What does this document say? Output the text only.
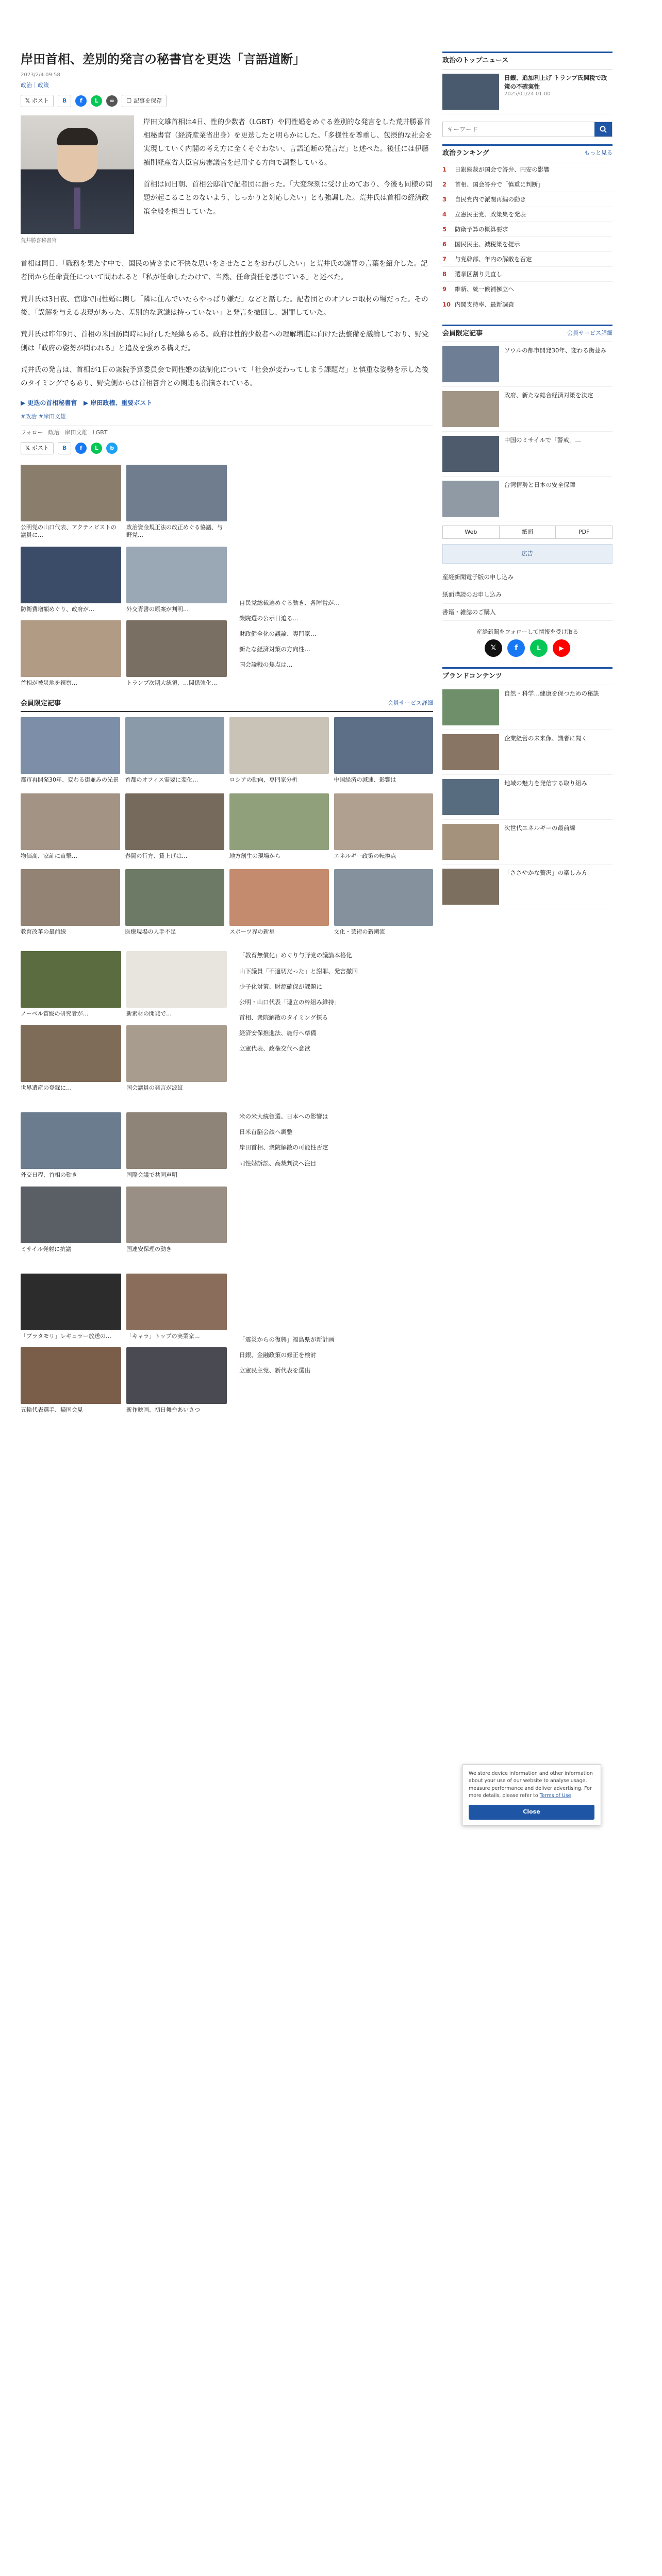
岸田首相、差別的発言の秘書官を更迭「言語道断」
2023/2/4 09:58
政治｜政策
𝕏 ポスト B	f	L	∞	☐ 記事を保存
荒井勝喜秘書官

岸田文雄首相は4日、性的少数者（LGBT）や同性婚をめぐる差別的な発言をした荒井勝喜首相秘書官（経済産業省出身）を更迭したと明らかにした。「多様性を尊重し、包摂的な社会を実現していく内閣の考え方に全くそぐわない、言語道断の発言だ」と述べた。後任には伊藤禎則経産省大臣官房審議官を起用する方向で調整している。

首相は同日朝、首相公邸前で記者団に語った。「大変深刻に受け止めており、今後も同様の問題が起こることのないよう、しっかりと対応したい」とも強調した。荒井氏は首相の経済政策全般を担当していた。

首相は同日、「職務を果たす中で、国民の皆さまに不快な思いをさせたことをおわびしたい」と荒井氏の謝罪の言葉を紹介した。記者団から任命責任について問われると「私が任命したわけで、当然、任命責任を感じている」と述べた。

荒井氏は3日夜、官邸で同性婚に関し「隣に住んでいたらやっぱり嫌だ」などと話した。記者団とのオフレコ取材の場だった。その後、「誤解を与える表現があった。差別的な意識は持っていない」と発言を撤回し、謝罪していた。

荒井氏は昨年9月、首相の米国訪問時に同行した経緯もある。政府は性的少数者への理解増進に向けた法整備を議論しており、野党側は「政府の姿勢が問われる」と追及を強める構えだ。

荒井氏の発言は、首相が1日の衆院予算委員会で同性婚の法制化について「社会が変わってしまう課題だ」と慎重な姿勢を示した後のタイミングでもあり、野党側からは首相答弁との関連も指摘されている。

▶ 更迭の首相秘書官 ▶ 岸田政権、重要ポスト
#政治 #岸田文雄
フォロー 政治 岸田文雄 LGBT
𝕏 ポスト B	f	L	b
公明党の山口代表、アクティビストの議員に…
政治資金規正法の改正めぐる協議、与野党…
防衛費増額めぐり、政府が…	外交青書の原案が判明…
首相が被災地を視察…	トランプ次期大統領、…関係強化…
自民党総裁選めぐる動き、各陣営が…
衆院選の公示日迫る…
財政健全化の議論、専門家…
新たな経済対策の方向性…
国会論戦の焦点は…
会員限定記事	会員サービス詳細
都市再開発30年、変わる街並みの光景 首都のオフィス需要に変化…	ロシアの動向、専門家分析	中国経済の減速、影響は
物価高、家計に直撃…	春闘の行方、賃上げは…	地方創生の現場から	エネルギー政策の転換点
教育改革の最前線	医療現場の人手不足	スポーツ界の新星	文化・芸術の新潮流
ノーベル賞級の研究者が…	新素材の開発で…
世界遺産の登録に…	国会議員の発言が波紋
「教育無償化」めぐり与野党の議論本格化
山下議員「不適切だった」と謝罪、発言撤回
少子化対策、財源確保が課題に
公明・山口代表「連立の枠組み維持」
首相、衆院解散のタイミング探る
経済安保推進法、施行へ準備
立憲代表、政権交代へ意欲
外交日程、首相の動き	国際会議で共同声明
ミサイル発射に抗議	国連安保理の動き
米の米大統領選、日本への影響は
日米首脳会談へ調整
岸田首相、衆院解散の可能性否定
同性婚訴訟、高裁判決へ注目
「ブラタモリ」レギュラー放送の…	「キャラ」トップの実業家…
五輪代表選手、帰国会見	新作映画、初日舞台あいさつ
「震災からの復興」福島県が新計画
日銀、金融政策の修正を検討
立憲民主党、新代表を選出
政治のトップニュース
日銀、追加利上げ トランプ氏関税で政策の不確実性
2025/01/24 01:00
キーワード
政治ランキング	もっと見る
1	日銀総裁が国会で答弁、円安の影響
2	首相、国会答弁で「慎重に判断」
3	自民党内で派閥再編の動き
4	立憲民主党、政策集を発表
5	防衛予算の概算要求
6	国民民主、減税策を提示
7	与党幹部、年内の解散を否定
8	選挙区割り見直し
9	維新、統一候補擁立へ
10 内閣支持率、最新調査
会員限定記事	会員サービス詳細
ソウルの都市開発30年、変わる街並み
政府、新たな総合経済対策を決定
中国のミサイルで「警戒」…
台湾情勢と日本の安全保障
Web	紙面	PDF
広告
産経新聞電子版の申し込み
紙面購読のお申し込み
書籍・雑誌のご購入
産経新聞をフォローして情報を受け取る
𝕏	f	L	▶
ブランドコンテンツ
自然・科学…健康を保つための秘訣
企業経営の未来像、識者に聞く
地域の魅力を発信する取り組み
次世代エネルギーの最前線
「ささやかな贅沢」の楽しみ方
We store device information and other information about your use of our website to analyse usage, measure performance and deliver advertising. For more details, please refer to Terms of Use
Close
